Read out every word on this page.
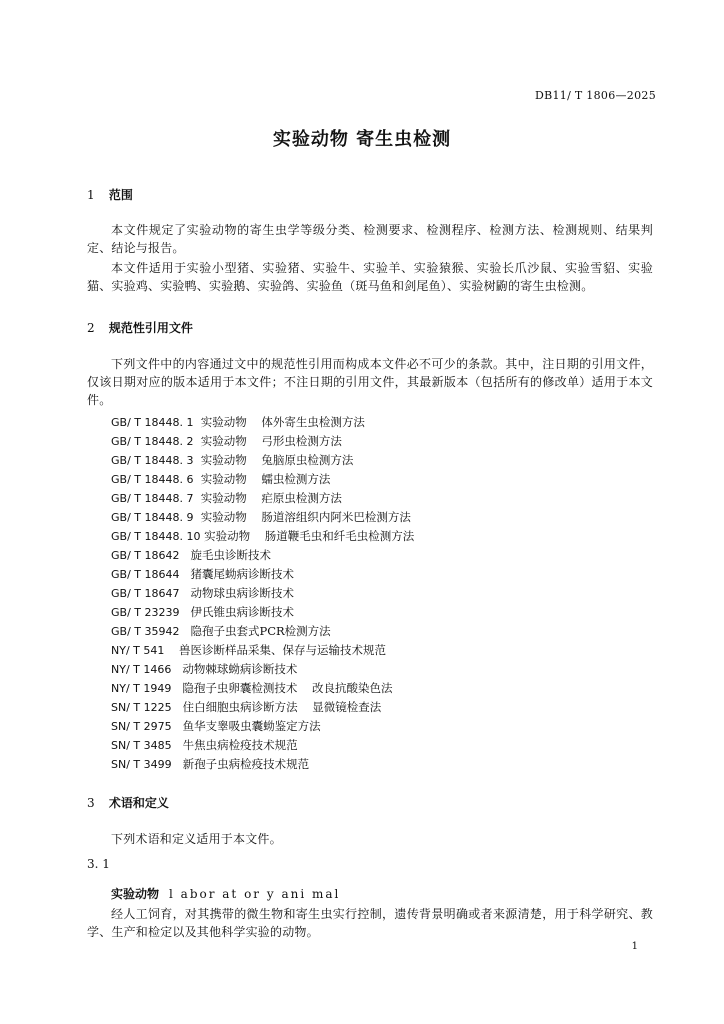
DB11/ T 1806—2025
实验动物 寄生虫检测
1 范围
本文件规定了实验动物的寄生虫学等级分类、检测要求、检测程序、检测方法、检测规则、结果判定、结论与报告。
本文件适用于实验小型猪、实验猪、实验牛、实验羊、实验猿猴、实验长爪沙鼠、实验雪貂、实验猫、实验鸡、实验鸭、实验鹅、实验鸽、实验鱼（斑马鱼和剑尾鱼）、实验树鼩的寄生虫检测。
2 规范性引用文件
下列文件中的内容通过文中的规范性引用而构成本文件必不可少的条款。其中，注日期的引用文件，仅该日期对应的版本适用于本文件；不注日期的引用文件，其最新版本（包括所有的修改单）适用于本文件。
GB/ T 18448. 1  实验动物    体外寄生虫检测方法
GB/ T 18448. 2  实验动物    弓形虫检测方法
GB/ T 18448. 3  实验动物    兔脑原虫检测方法
GB/ T 18448. 6  实验动物    蠕虫检测方法
GB/ T 18448. 7  实验动物    疟原虫检测方法
GB/ T 18448. 9  实验动物    肠道溶组织内阿米巴检测方法
GB/ T 18448. 10 实验动物    肠道鞭毛虫和纤毛虫检测方法
GB/ T 18642   旋毛虫诊断技术
GB/ T 18644   猪囊尾蚴病诊断技术
GB/ T 18647   动物球虫病诊断技术
GB/ T 23239   伊氏锥虫病诊断技术
GB/ T 35942   隐孢子虫套式PCR检测方法
NY/ T 541    兽医诊断样品采集、保存与运输技术规范
NY/ T 1466   动物棘球蚴病诊断技术
NY/ T 1949   隐孢子虫卵囊检测技术    改良抗酸染色法
SN/ T 1225   住白细胞虫病诊断方法    显微镜检查法
SN/ T 2975   鱼华支睾吸虫囊蚴鉴定方法
SN/ T 3485   牛焦虫病检疫技术规范
SN/ T 3499   新孢子虫病检疫技术规范
3 术语和定义
下列术语和定义适用于本文件。
3. 1
实验动物 l abor at or y ani mal
经人工饲育，对其携带的微生物和寄生虫实行控制，遗传背景明确或者来源清楚，用于科学研究、教学、生产和检定以及其他科学实验的动物。
1
